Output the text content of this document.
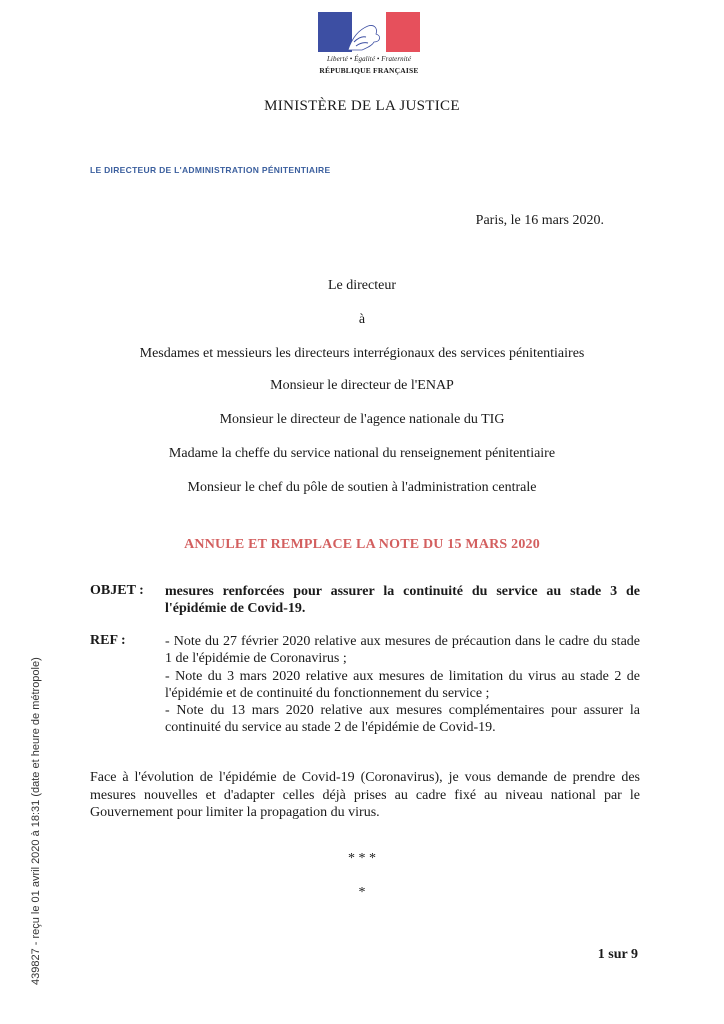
Liberté • Égalité • Fraternité
RÉPUBLIQUE FRANÇAISE
MINISTÈRE DE LA JUSTICE
LE DIRECTEUR DE L'ADMINISTRATION PÉNITENTIAIRE
Paris, le 16 mars 2020.
Le directeur
à
Mesdames et messieurs les directeurs interrégionaux des services pénitentiaires
Monsieur le directeur de l'ENAP
Monsieur le directeur de l'agence nationale du TIG
Madame la cheffe du service national du renseignement pénitentiaire
Monsieur le chef du pôle de soutien à l'administration centrale
ANNULE ET REMPLACE LA NOTE DU 15 MARS 2020
OBJET : mesures renforcées pour assurer la continuité du service au stade 3 de l'épidémie de Covid-19.
REF :	- Note du 27 février 2020 relative aux mesures de précaution dans le cadre du stade 1 de l'épidémie de Coronavirus ;
- Note du 3 mars 2020 relative aux mesures de limitation du virus au stade 2 de l'épidémie et de continuité du fonctionnement du service ;
- Note du 13 mars 2020 relative aux mesures complémentaires pour assurer la continuité du service au stade 2 de l'épidémie de Covid-19.
Face à l'évolution de l'épidémie de Covid-19 (Coronavirus), je vous demande de prendre des mesures nouvelles et d'adapter celles déjà prises au cadre fixé au niveau national par le Gouvernement pour limiter la propagation du virus.
* * *
*
1 sur 9
439827 - reçu le 01 avril 2020 à 18:31 (date et heure de métropole)
